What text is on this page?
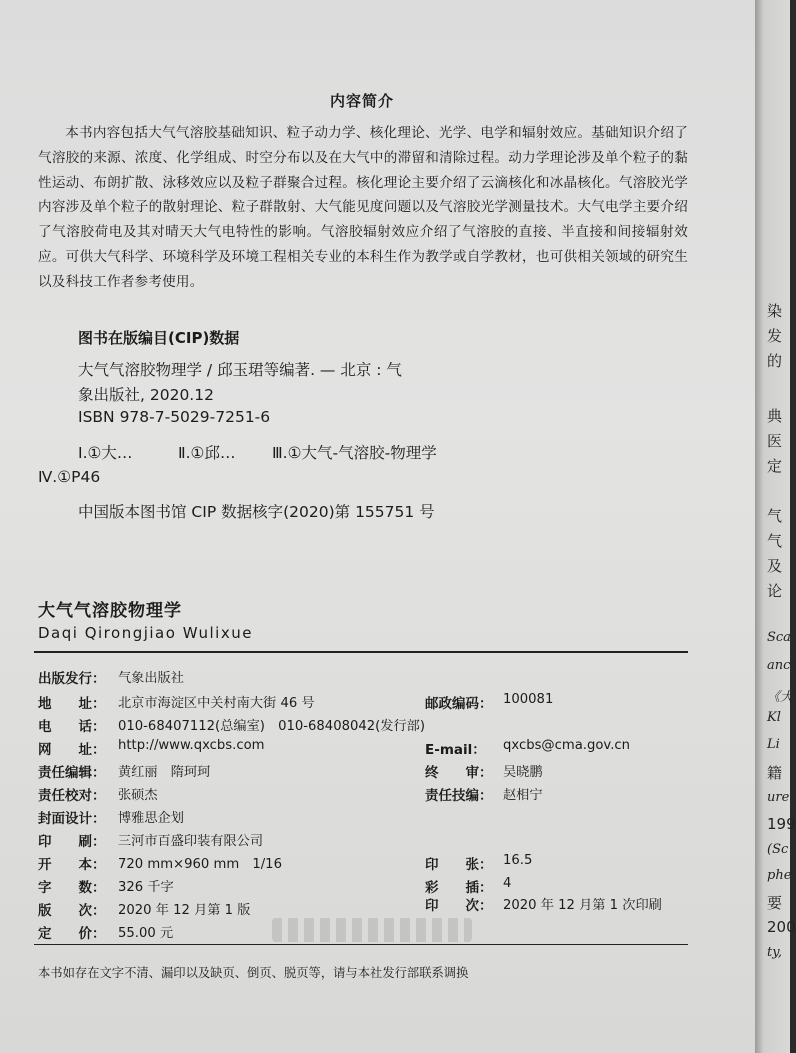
内容简介
本书内容包括大气气溶胶基础知识、粒子动力学、核化理论、光学、电学和辐射效应。基础知识介绍了气溶胶的来源、浓度、化学组成、时空分布以及在大气中的滞留和清除过程。动力学理论涉及单个粒子的黏性运动、布朗扩散、泳移效应以及粒子群聚合过程。核化理论主要介绍了云滴核化和冰晶核化。气溶胶光学内容涉及单个粒子的散射理论、粒子群散射、大气能见度问题以及气溶胶光学测量技术。大气电学主要介绍了气溶胶荷电及其对晴天大气电特性的影响。气溶胶辐射效应介绍了气溶胶的直接、半直接和间接辐射效应。可供大气科学、环境科学及环境工程相关专业的本科生作为教学或自学教材，也可供相关领域的研究生以及科技工作者参考使用。
图书在版编目(CIP)数据
大气气溶胶物理学 / 邱玉珺等编著. — 北京 : 气
象出版社, 2020.12
ISBN 978-7-5029-7251-6
Ⅰ.①大…	Ⅱ.①邱… Ⅲ.①大气-气溶胶-物理学
Ⅳ.①P46
中国版本图书馆 CIP 数据核字(2020)第 155751 号
大气气溶胶物理学
Daqi Qirongjiao Wulixue
出版发行： 气象出版社
地　　址： 北京市海淀区中关村南大街 46 号	邮政编码： 100081
电　　话： 010-68407112(总编室)　010-68408042(发行部)
网　　址： http://www.qxcbs.com	E-mail： qxcbs@cma.gov.cn
责任编辑： 黄红丽　隋珂珂	终　　审： 吴晓鹏
责任校对： 张硕杰	责任技编： 赵相宁
封面设计： 博雅思企划
印　　刷： 三河市百盛印装有限公司
开　　本： 720 mm×960 mm　1/16	印　　张： 16.5
字　　数： 326 千字	彩　　插： 4
版　　次： 2020 年 12 月第 1 版	印　　次： 2020 年 12 月第 1 次印刷
定　　价： 55.00 元
本书如存在文字不清、漏印以及缺页、倒页、脱页等，请与本社发行部联系调换
染
发
的
典
医
定
气
气
及
论
Sca
anc
《大
Kl
Li
籍
ure
199
(Sc
phe
要
200
ty,
